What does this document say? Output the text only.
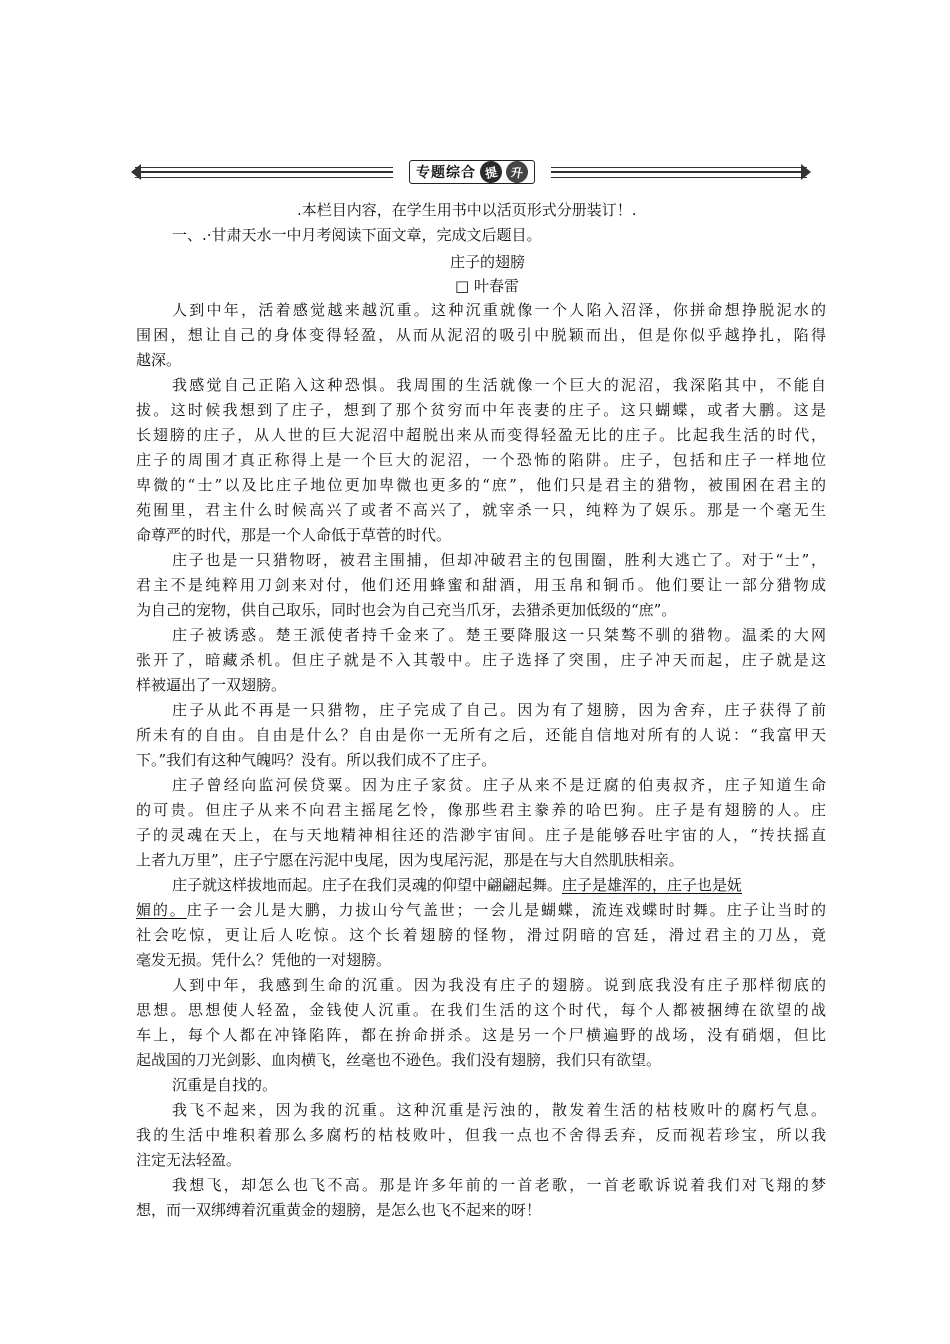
专题综合 提 升
.本栏目内容，在学生用书中以活页形式分册装订！.
一、.·甘肃天水一中月考阅读下面文章，完成文后题目。
庄子的翅膀
□ 叶春雷
人到中年，活着感觉越来越沉重。这种沉重就像一个人陷入沼泽，你拼命想挣脱泥水的
围困，想让自己的身体变得轻盈，从而从泥沼的吸引中脱颖而出，但是你似乎越挣扎，陷得
越深。
我感觉自己正陷入这种恐惧。我周围的生活就像一个巨大的泥沼，我深陷其中，不能自
拔。这时候我想到了庄子，想到了那个贫穷而中年丧妻的庄子。这只蝴蝶，或者大鹏。这是
长翅膀的庄子，从人世的巨大泥沼中超脱出来从而变得轻盈无比的庄子。比起我生活的时代，
庄子的周围才真正称得上是一个巨大的泥沼，一个恐怖的陷阱。庄子，包括和庄子一样地位
卑微的“士”以及比庄子地位更加卑微也更多的“庶”，他们只是君主的猎物，被围困在君主的
苑囿里，君主什么时候高兴了或者不高兴了，就宰杀一只，纯粹为了娱乐。那是一个毫无生
命尊严的时代，那是一个人命低于草菅的时代。
庄子也是一只猎物呀，被君主围捕，但却冲破君主的包围圈，胜利大逃亡了。对于“士”，
君主不是纯粹用刀剑来对付，他们还用蜂蜜和甜酒，用玉帛和铜币。他们要让一部分猎物成
为自己的宠物，供自己取乐，同时也会为自己充当爪牙，去猎杀更加低级的“庶”。
庄子被诱惑。楚王派使者持千金来了。楚王要降服这一只桀骜不驯的猎物。温柔的大网
张开了，暗藏杀机。但庄子就是不入其彀中。庄子选择了突围，庄子冲天而起，庄子就是这
样被逼出了一双翅膀。
庄子从此不再是一只猎物，庄子完成了自己。因为有了翅膀，因为舍弃，庄子获得了前
所未有的自由。自由是什么？自由是你一无所有之后，还能自信地对所有的人说：“我富甲天
下。”我们有这种气魄吗？没有。所以我们成不了庄子。
庄子曾经向监河侯贷粟。因为庄子家贫。庄子从来不是迂腐的伯夷叔齐，庄子知道生命
的可贵。但庄子从来不向君主摇尾乞怜，像那些君主豢养的哈巴狗。庄子是有翅膀的人。庄
子的灵魂在天上，在与天地精神相往还的浩渺宇宙间。庄子是能够吞吐宇宙的人，“抟扶摇直
上者九万里”，庄子宁愿在污泥中曳尾，因为曳尾污泥，那是在与大自然肌肤相亲。
庄子就这样拔地而起。庄子在我们灵魂的仰望中翩翩起舞。庄子是雄浑的，庄子也是妩
媚的。庄子一会儿是大鹏，力拔山兮气盖世；一会儿是蝴蝶，流连戏蝶时时舞。庄子让当时的
社会吃惊，更让后人吃惊。这个长着翅膀的怪物，滑过阴暗的宫廷，滑过君主的刀丛，竟
毫发无损。凭什么？凭他的一对翅膀。
人到中年，我感到生命的沉重。因为我没有庄子的翅膀。说到底我没有庄子那样彻底的
思想。思想使人轻盈，金钱使人沉重。在我们生活的这个时代，每个人都被捆缚在欲望的战
车上，每个人都在冲锋陷阵，都在拚命拼杀。这是另一个尸横遍野的战场，没有硝烟，但比
起战国的刀光剑影、血肉横飞，丝毫也不逊色。我们没有翅膀，我们只有欲望。
沉重是自找的。
我飞不起来，因为我的沉重。这种沉重是污浊的，散发着生活的枯枝败叶的腐朽气息。
我的生活中堆积着那么多腐朽的枯枝败叶，但我一点也不舍得丢弃，反而视若珍宝，所以我
注定无法轻盈。
我想飞，却怎么也飞不高。那是许多年前的一首老歌，一首老歌诉说着我们对飞翔的梦
想，而一双绑缚着沉重黄金的翅膀，是怎么也飞不起来的呀！
